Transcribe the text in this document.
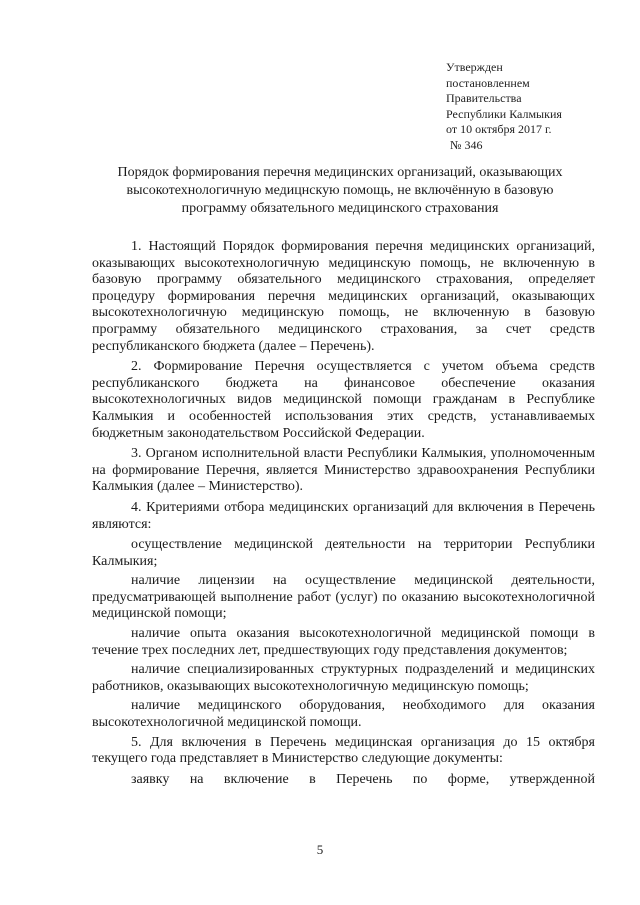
Утвержден
постановленнем
Правительства
Республики Калмыкия
от 10 октября 2017 г.
№ 346
Порядок формирования перечня медицинских организаций, оказывающих
высокотехнологичную медицнскую помощь, не включённую в базовую
программу обязательного медицинского страхования

1. Настоящий Порядок формирования перечня медицинских организаций, оказывающих высокотехнологичную медицинскую помощь, не включенную в базовую программу обязательного медицинского страхования, определяет процедуру формирования перечня медицинских организаций, оказывающих высокотехнологичную медицинскую помощь, не включенную в базовую программу обязательного медицинского страхования, за счет средств республиканского бюджета (далее – Перечень).

2. Формирование Перечня осуществляется с учетом объема средств республиканского бюджета на финансовое обеспечение оказания высокотехнологичных видов медицинской помощи гражданам в Республике Калмыкия и особенностей использования этих средств, устанавливаемых бюджетным законодательством Российской Федерации.

3. Органом исполнительной власти Республики Калмыкия, уполномоченным на формирование Перечня, является Министерство здравоохранения Республики Калмыкия (далее – Министерство).

4. Критериями отбора медицинских организаций для включения в Перечень являются:

осуществление медицинской деятельности на территории Республики Калмыкия;

наличие лицензии на осуществление медицинской деятельности, предусматривающей выполнение работ (услуг) по оказанию высокотехнологичной медицинской помощи;

наличие опыта оказания высокотехнологичной медицинской помощи в течение трех последних лет, предшествующих году представления документов;

наличие специализированных структурных подразделений и медицинских работников, оказывающих высокотехнологичную медицинскую помощь;

наличие медицинского оборудования, необходимого для оказания высокотехнологичной медицинской помощи.

5. Для включения в Перечень медицинская организация до 15 октября текущего года представляет в Министерство следующие документы:

заявку на включение в Перечень по форме, утвержденной

5
